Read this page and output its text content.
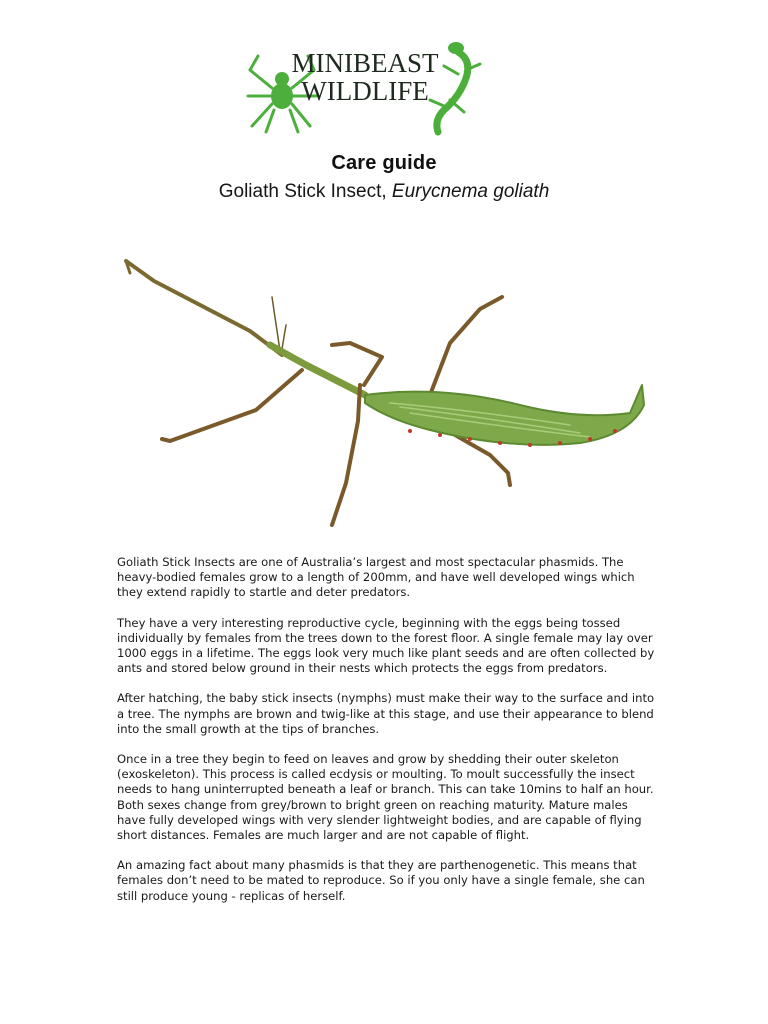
MINIBEAST
WILDLIFE
Care guide
Goliath Stick Insect, Eurycnema goliath

Goliath Stick Insects are one of Australia’s largest and most spectacular phasmids. The heavy-bodied females grow to a length of 200mm, and have well developed wings which they extend rapidly to startle and deter predators.

They have a very interesting reproductive cycle, beginning with the eggs being tossed individually by females from the trees down to the forest floor. A single female may lay over 1000 eggs in a lifetime. The eggs look very much like plant seeds and are often collected by ants and stored below ground in their nests which protects the eggs from predators.

After hatching, the baby stick insects (nymphs) must make their way to the surface and into a tree. The nymphs are brown and twig-like at this stage, and use their appearance to blend into the small growth at the tips of branches.

Once in a tree they begin to feed on leaves and grow by shedding their outer skeleton (exoskeleton). This process is called ecdysis or moulting. To moult successfully the insect needs to hang uninterrupted beneath a leaf or branch. This can take 10mins to half an hour. Both sexes change from grey/brown to bright green on reaching maturity. Mature males have fully developed wings with very slender lightweight bodies, and are capable of flying short distances. Females are much larger and are not capable of flight.

An amazing fact about many phasmids is that they are parthenogenetic. This means that females don’t need to be mated to reproduce. So if you only have a single female, she can still produce young - replicas of herself.
